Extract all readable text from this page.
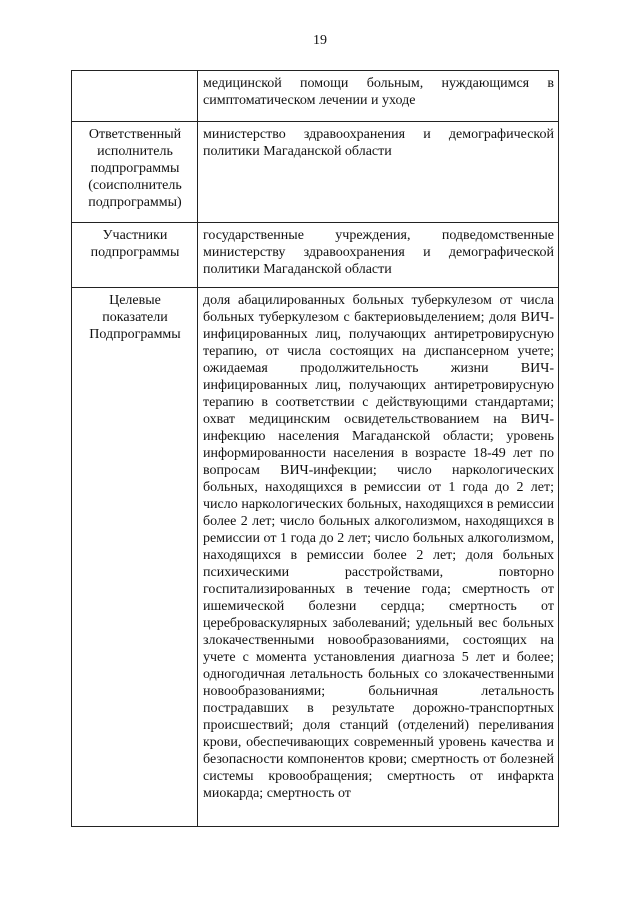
19
	медицинской помощи больным, нуждающимся в симптоматическом лечении и уходе
Ответственный исполнитель подпрограммы (соисполнитель подпрограммы)	министерство здравоохранения и демографической политики Магаданской области
Участники подпрограммы	государственные учреждения, подведомственные министерству здравоохранения и демографической политики Магаданской области
Целевые показатели Подпрограммы	доля абацилированных больных туберкулезом от числа больных туберкулезом с бактериовыделением; доля ВИЧ-инфицированных лиц, получающих антиретровирусную терапию, от числа состоящих на диспансерном учете; ожидаемая продолжительность жизни ВИЧ-инфицированных лиц, получающих антиретровирусную терапию в соответствии с действующими стандартами; охват медицинским освидетельствованием на ВИЧ-инфекцию населения Магаданской области; уровень информированности населения в возрасте 18-49 лет по вопросам ВИЧ-инфекции; число наркологических больных, находящихся в ремиссии от 1 года до 2 лет; число наркологических больных, находящихся в ремиссии более 2 лет; число больных алкоголизмом, находящихся в ремиссии от 1 года до 2 лет; число больных алкоголизмом, находящихся в ремиссии более 2 лет; доля больных психическими расстройствами, повторно госпитализированных в течение года; смертность от ишемической болезни сердца; смертность от цереброваскулярных заболеваний; удельный вес больных злокачественными новообразованиями, состоящих на учете с момента установления диагноза 5 лет и более; одногодичная летальность больных со злокачественными новообразованиями; больничная летальность пострадавших в результате дорожно-транспортных происшествий; доля станций (отделений) переливания крови, обеспечивающих современный уровень качества и безопасности компонентов крови; смертность от болезней системы кровообращения; смертность от инфаркта миокарда; смертность от
